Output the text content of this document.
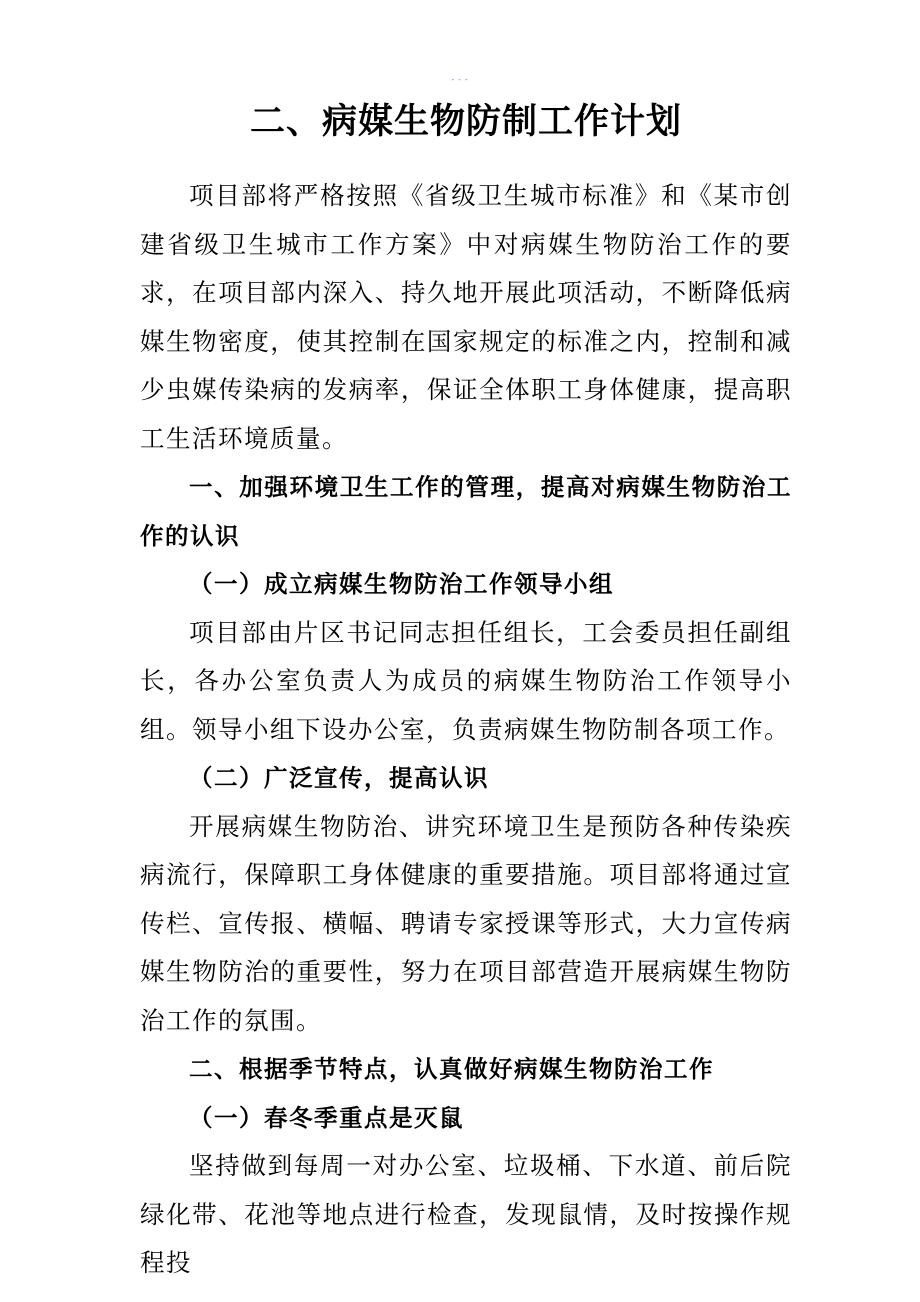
- - -
二、病媒生物防制工作计划

项目部将严格按照《省级卫生城市标准》和《某市创建省级卫生城市工作方案》中对病媒生物防治工作的要求，在项目部内深入、持久地开展此项活动，不断降低病媒生物密度，使其控制在国家规定的标准之内，控制和减少虫媒传染病的发病率，保证全体职工身体健康，提高职工生活环境质量。

一、加强环境卫生工作的管理，提高对病媒生物防治工作的认识

（一）成立病媒生物防治工作领导小组

项目部由片区书记同志担任组长，工会委员担任副组长，各办公室负责人为成员的病媒生物防治工作领导小组。领导小组下设办公室，负责病媒生物防制各项工作。

（二）广泛宣传，提高认识

开展病媒生物防治、讲究环境卫生是预防各种传染疾病流行，保障职工身体健康的重要措施。项目部将通过宣传栏、宣传报、横幅、聘请专家授课等形式，大力宣传病媒生物防治的重要性，努力在项目部营造开展病媒生物防治工作的氛围。

二、根据季节特点，认真做好病媒生物防治工作

（一）春冬季重点是灭鼠

坚持做到每周一对办公室、垃圾桶、下水道、前后院绿化带、花池等地点进行检查，发现鼠情，及时按操作规程投
